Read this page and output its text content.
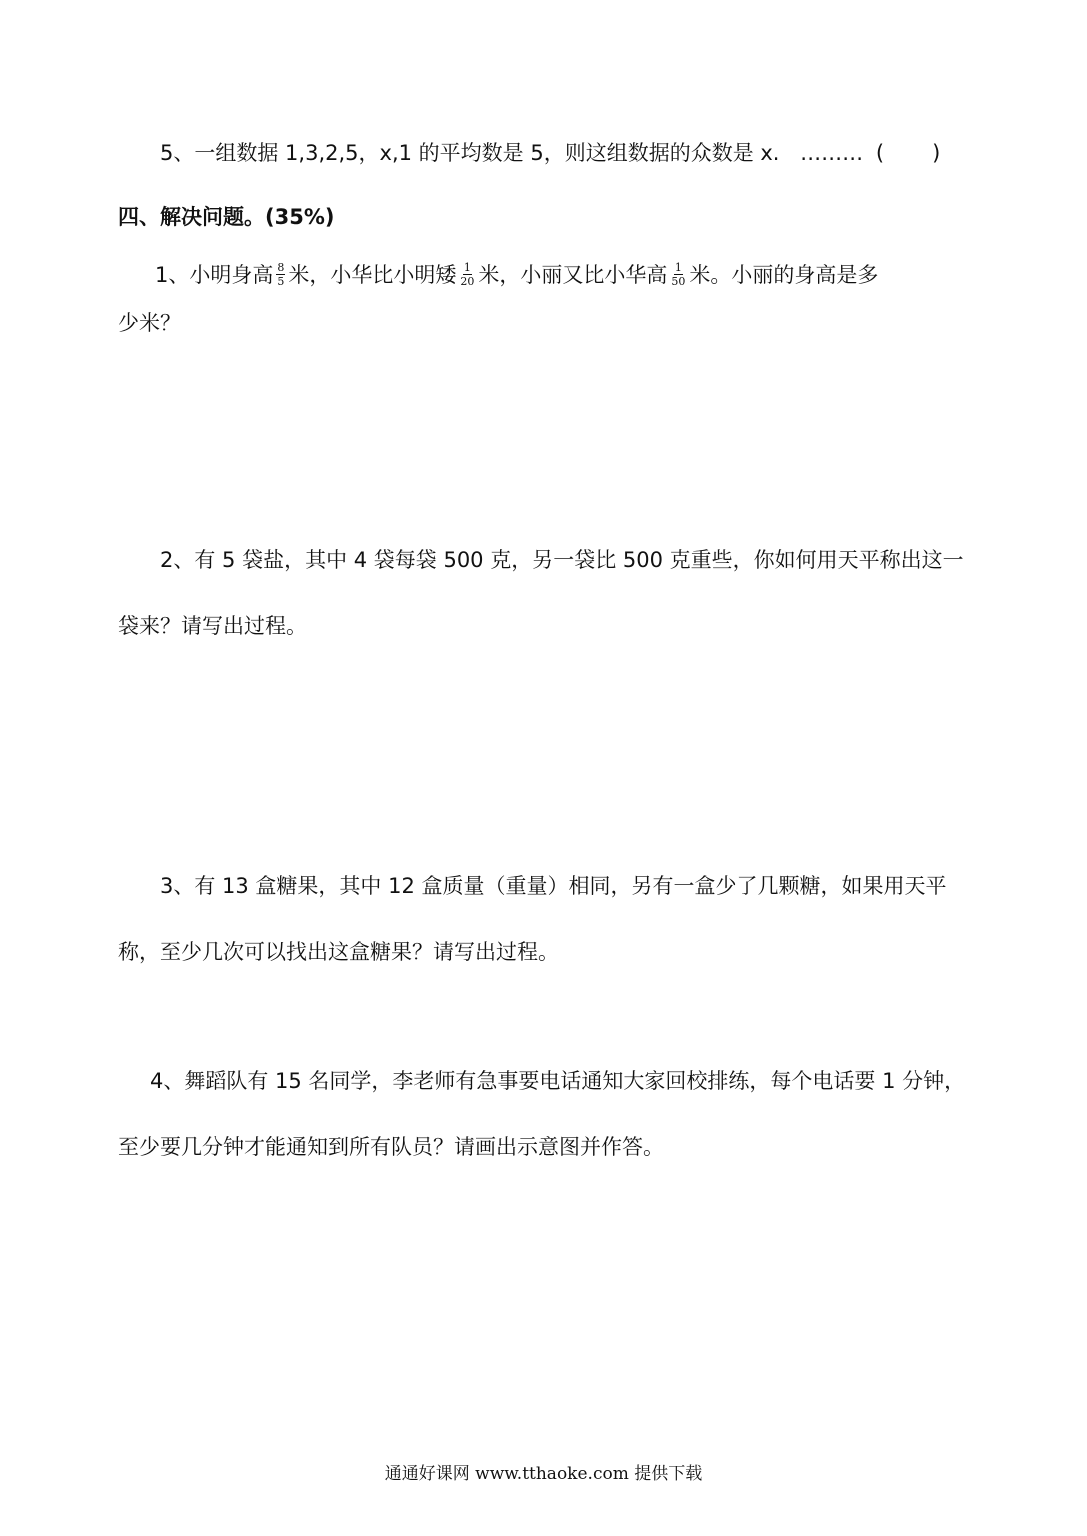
5、一组数据 1,3,2,5，x,1 的平均数是 5，则这组数据的众数是 x. ……… ( )
四、解决问题。(35%)
1、小明身高 $\frac{8}{5}$ 米，小华比小明矮 $\frac{1}{20}$ 米，小丽又比小华高 $\frac{1}{50}$ 米。小丽的身高是多
少米？
2、有 5 袋盐，其中 4 袋每袋 500 克，另一袋比 500 克重些，你如何用天平称出这一
袋来？请写出过程。
3、有 13 盒糖果，其中 12 盒质量（重量）相同，另有一盒少了几颗糖，如果用天平
称，至少几次可以找出这盒糖果？请写出过程。
4、舞蹈队有 15 名同学，李老师有急事要电话通知大家回校排练，每个电话要 1 分钟，
至少要几分钟才能通知到所有队员？请画出示意图并作答。
通通好课网 www.tthaoke.com 提供下载
